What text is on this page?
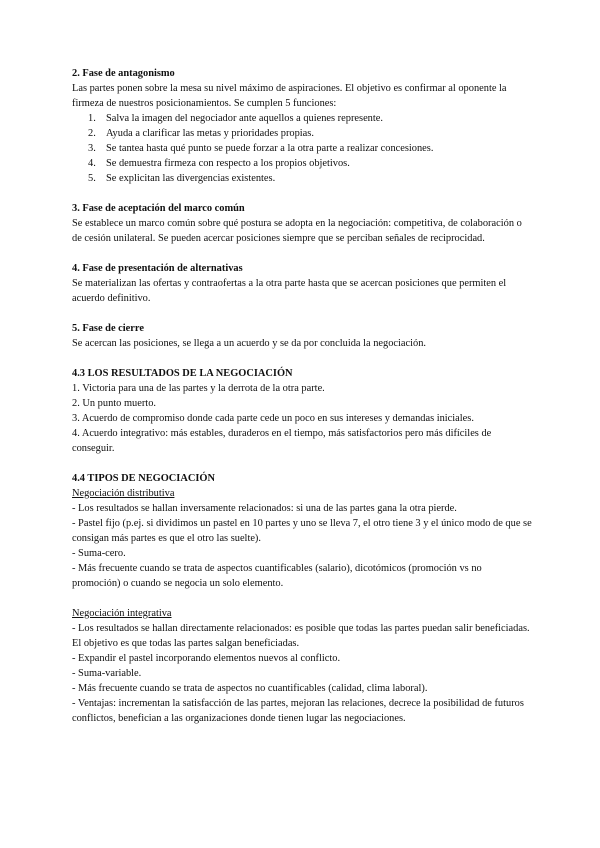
2. Fase de antagonismo

Las partes ponen sobre la mesa su nivel máximo de aspiraciones. El objetivo es confirmar al oponente la firmeza de nuestros posicionamientos. Se cumplen 5 funciones:

1. Salva la imagen del negociador ante aquellos a quienes represente.
2. Ayuda a clarificar las metas y prioridades propias.
3. Se tantea hasta qué punto se puede forzar a la otra parte a realizar concesiones.
4. Se demuestra firmeza con respecto a los propios objetivos.
5. Se explicitan las divergencias existentes.

3. Fase de aceptación del marco común

Se establece un marco común sobre qué postura se adopta en la negociación: competitiva, de colaboración o de cesión unilateral. Se pueden acercar posiciones siempre que se perciban señales de reciprocidad.

4. Fase de presentación de alternativas

Se materializan las ofertas y contraofertas a la otra parte hasta que se acercan posiciones que permiten el acuerdo definitivo.

5. Fase de cierre

Se acercan las posiciones, se llega a un acuerdo y se da por concluida la negociación.

4.3 LOS RESULTADOS DE LA NEGOCIACIÓN

1. Victoria para una de las partes y la derrota de la otra parte.

2. Un punto muerto.

3. Acuerdo de compromiso donde cada parte cede un poco en sus intereses y demandas iniciales.

4. Acuerdo integrativo: más estables, duraderos en el tiempo, más satisfactorios pero más difíciles de conseguir.

4.4 TIPOS DE NEGOCIACIÓN

Negociación distributiva

- Los resultados se hallan inversamente relacionados: si una de las partes gana la otra pierde.

- Pastel fijo (p.ej. si dividimos un pastel en 10 partes y uno se lleva 7, el otro tiene 3 y el único modo de que se consigan más partes es que el otro las suelte).

- Suma-cero.

- Más frecuente cuando se trata de aspectos cuantificables (salario), dicotómicos (promoción vs no promoción) o cuando se negocia un solo elemento.

Negociación integrativa

- Los resultados se hallan directamente relacionados: es posible que todas las partes puedan salir beneficiadas. El objetivo es que todas las partes salgan beneficiadas.

- Expandir el pastel incorporando elementos nuevos al conflicto.

- Suma-variable.

- Más frecuente cuando se trata de aspectos no cuantificables (calidad, clima laboral).

- Ventajas: incrementan la satisfacción de las partes, mejoran las relaciones, decrece la posibilidad de futuros conflictos, benefician a las organizaciones donde tienen lugar las negociaciones.
